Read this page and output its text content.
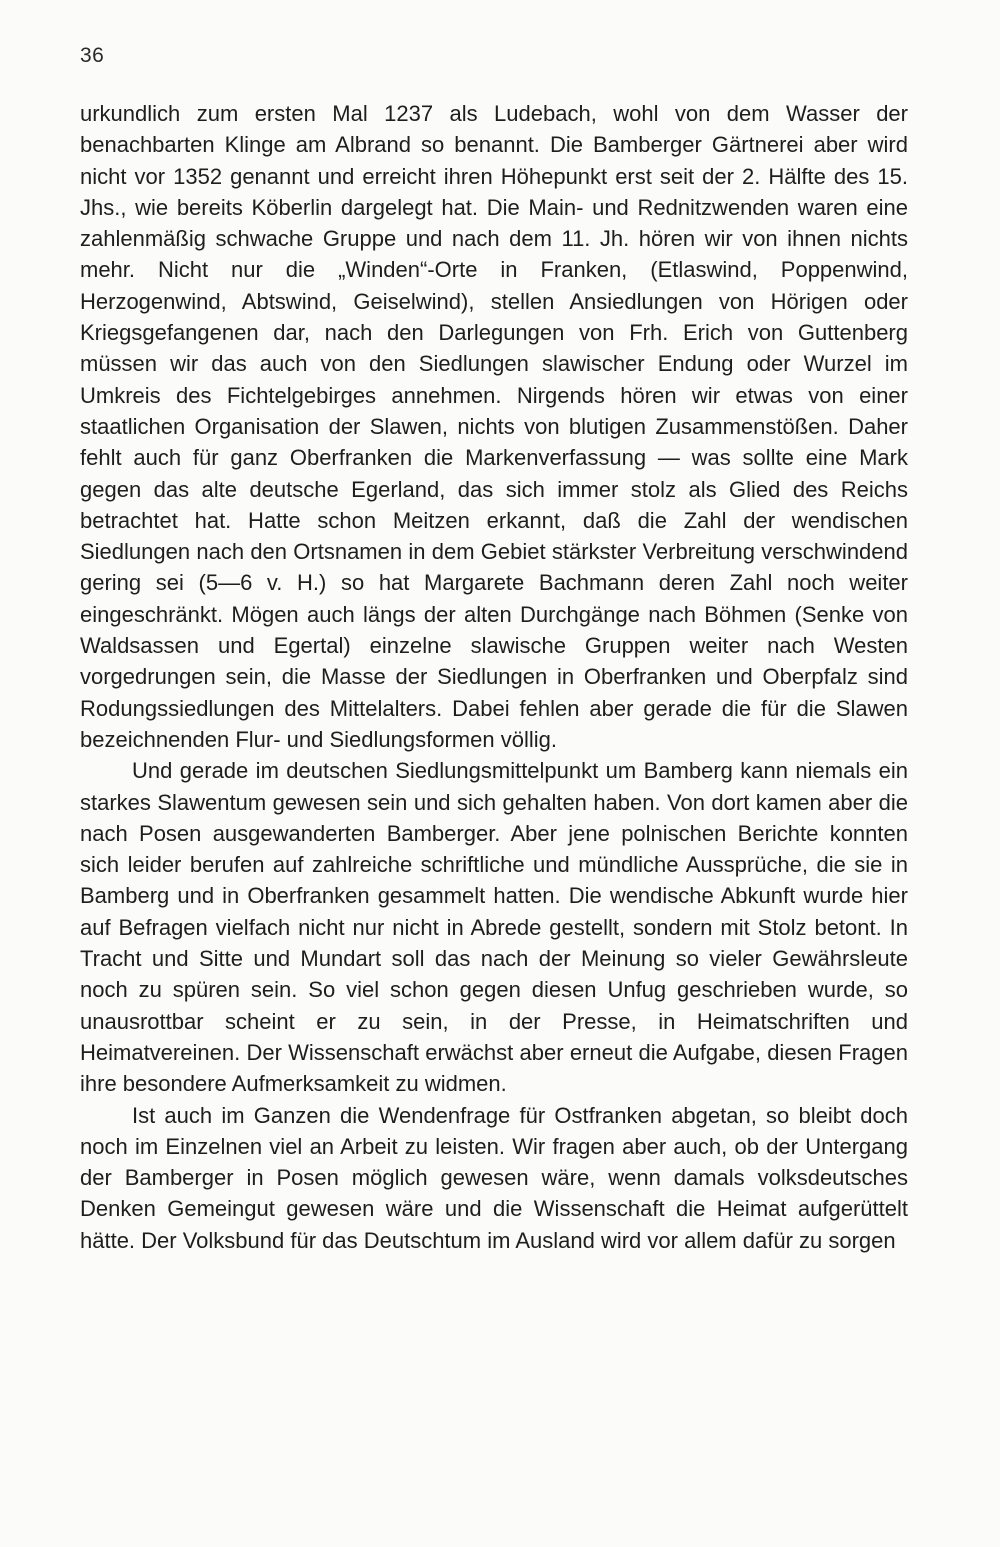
36

urkundlich zum ersten Mal 1237 als Ludebach, wohl von dem Wasser der benachbarten Klinge am Albrand so benannt. Die Bamberger Gärtnerei aber wird nicht vor 1352 genannt und erreicht ihren Höhepunkt erst seit der 2. Hälfte des 15. Jhs., wie bereits Köberlin dargelegt hat. Die Main- und Rednitzwenden waren eine zahlenmäßig schwache Gruppe und nach dem 11. Jh. hören wir von ihnen nichts mehr. Nicht nur die „Winden“-Orte in Franken, (Etlaswind, Poppenwind, Herzogenwind, Abtswind, Geiselwind), stellen Ansiedlungen von Hörigen oder Kriegsgefangenen dar, nach den Darlegungen von Frh. Erich von Guttenberg müssen wir das auch von den Siedlungen slawischer Endung oder Wurzel im Umkreis des Fichtelgebirges annehmen. Nirgends hören wir etwas von einer staatlichen Organisation der Slawen, nichts von blutigen Zusammenstößen. Daher fehlt auch für ganz Oberfranken die Markenverfassung — was sollte eine Mark gegen das alte deutsche Egerland, das sich immer stolz als Glied des Reichs betrachtet hat. Hatte schon Meitzen erkannt, daß die Zahl der wendischen Siedlungen nach den Ortsnamen in dem Gebiet stärkster Verbreitung verschwindend gering sei (5—6 v. H.) so hat Margarete Bachmann deren Zahl noch weiter eingeschränkt. Mögen auch längs der alten Durchgänge nach Böhmen (Senke von Waldsassen und Egertal) einzelne slawische Gruppen weiter nach Westen vorgedrungen sein, die Masse der Siedlungen in Oberfranken und Oberpfalz sind Rodungssiedlungen des Mittelalters. Dabei fehlen aber gerade die für die Slawen bezeichnenden Flur- und Siedlungsformen völlig.

Und gerade im deutschen Siedlungsmittelpunkt um Bamberg kann niemals ein starkes Slawentum gewesen sein und sich gehalten haben. Von dort kamen aber die nach Posen ausgewanderten Bamberger. Aber jene polnischen Berichte konnten sich leider berufen auf zahlreiche schriftliche und mündliche Aussprüche, die sie in Bamberg und in Oberfranken gesammelt hatten. Die wendische Abkunft wurde hier auf Befragen vielfach nicht nur nicht in Abrede gestellt, sondern mit Stolz betont. In Tracht und Sitte und Mundart soll das nach der Meinung so vieler Gewährsleute noch zu spüren sein. So viel schon gegen diesen Unfug geschrieben wurde, so unausrottbar scheint er zu sein, in der Presse, in Heimatschriften und Heimatvereinen. Der Wissenschaft erwächst aber erneut die Aufgabe, diesen Fragen ihre besondere Aufmerksamkeit zu widmen.

Ist auch im Ganzen die Wendenfrage für Ostfranken abgetan, so bleibt doch noch im Einzelnen viel an Arbeit zu leisten. Wir fragen aber auch, ob der Untergang der Bamberger in Posen möglich gewesen wäre, wenn damals volksdeutsches Denken Gemeingut gewesen wäre und die Wissenschaft die Heimat aufgerüttelt hätte. Der Volksbund für das Deutschtum im Ausland wird vor allem dafür zu sorgen
